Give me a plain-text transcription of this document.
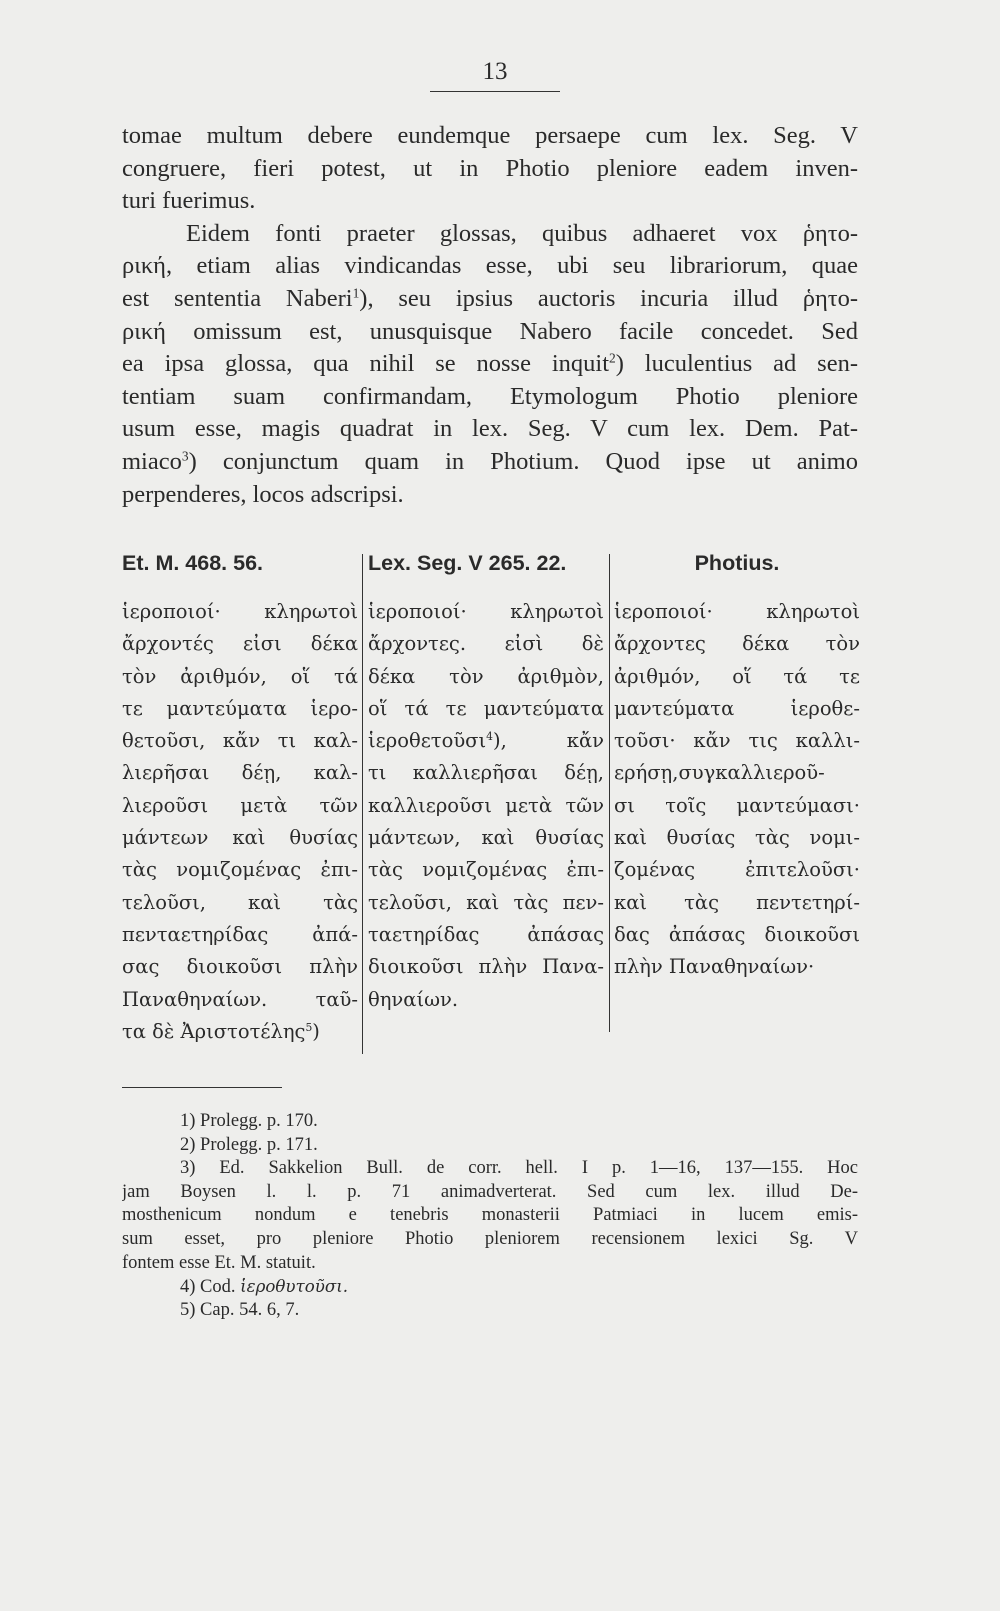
13
tomae multum debere eundemque persaepe cum lex. Seg. V
congruere, fieri potest, ut in Photio pleniore eadem inven-
turi fuerimus.
Eidem fonti praeter glossas, quibus adhaeret vox ῥητο-
ρική, etiam alias vindicandas esse, ubi seu librariorum, quae
est sententia Naberi$^1$), seu ipsius auctoris incuria illud ῥητο-
ρική omissum est, unusquisque Nabero facile concedet. Sed
ea ipsa glossa, qua nihil se nosse inquit$^2$) luculentius ad sen-
tentiam suam confirmandam, Etymologum Photio pleniore
usum esse, magis quadrat in lex. Seg. V cum lex. Dem. Pat-
miaco$^3$) conjunctum quam in Photium. Quod ipse ut animo
perpenderes, locos adscripsi.
Et. M. 468. 56.
ἱεροποιοί· κληρωτοὶ
ἄρχοντές εἰσι δέκα
τὸν ἀριθμόν, οἵ τά
τε μαντεύματα ἱερο-
θετοῦσι, κἄν τι καλ-
λιερῆσαι δέῃ, καλ-
λιεροῦσι μετὰ τῶν
μάντεων καὶ θυσίας
τὰς νομιζομένας ἐπι-
τελοῦσι, καὶ τὰς
πενταετηρίδας ἀπά-
σας διοικοῦσι πλὴν
Παναθηναίων. ταῦ-
τα δὲ Ἀριστοτέλης$^5$)
Lex. Seg. V 265. 22.
ἱεροποιοί· κληρωτοὶ
ἄρχοντες. εἰσὶ δὲ
δέκα τὸν ἀριθμὸν,
οἵ τά τε μαντεύματα
ἱεροθετοῦσι$^4$), κἄν
τι καλλιερῆσαι δέῃ,
καλλιεροῦσι μετὰ τῶν
μάντεων, καὶ θυσίας
τὰς νομιζομένας ἐπι-
τελοῦσι, καὶ τὰς πεν-
ταετηρίδας ἀπάσας
διοικοῦσι πλὴν Πανα-
θηναίων.
Photius.
ἱεροποιοί· κληρωτοὶ
ἄρχοντες δέκα τὸν
ἀριθμόν, οἵ τά τε
μαντεύματα ἱεροθε-
τοῦσι· κἄν τις καλλι-
ερήσῃ,συγκαλλιεροῦ-
σι τοῖς μαντεύμασι·
καὶ θυσίας τὰς νομι-
ζομένας ἐπιτελοῦσι·
καὶ τὰς πεντετηρί-
δας ἀπάσας διοικοῦσι
πλὴν Παναθηναίων·
1) Prolegg. p. 170.
2) Prolegg. p. 171.
3) Ed. Sakkelion Bull. de corr. hell. I p. 1—16, 137—155. Hoc
jam Boysen l. l. p. 71 animadverterat. Sed cum lex. illud De-
mosthenicum nondum e tenebris monasterii Patmiaci in lucem emis-
sum esset, pro pleniore Photio pleniorem recensionem lexici Sg. V
fontem esse Et. M. statuit.
4) Cod. ἱεροθυτοῦσι.
5) Cap. 54. 6, 7.
